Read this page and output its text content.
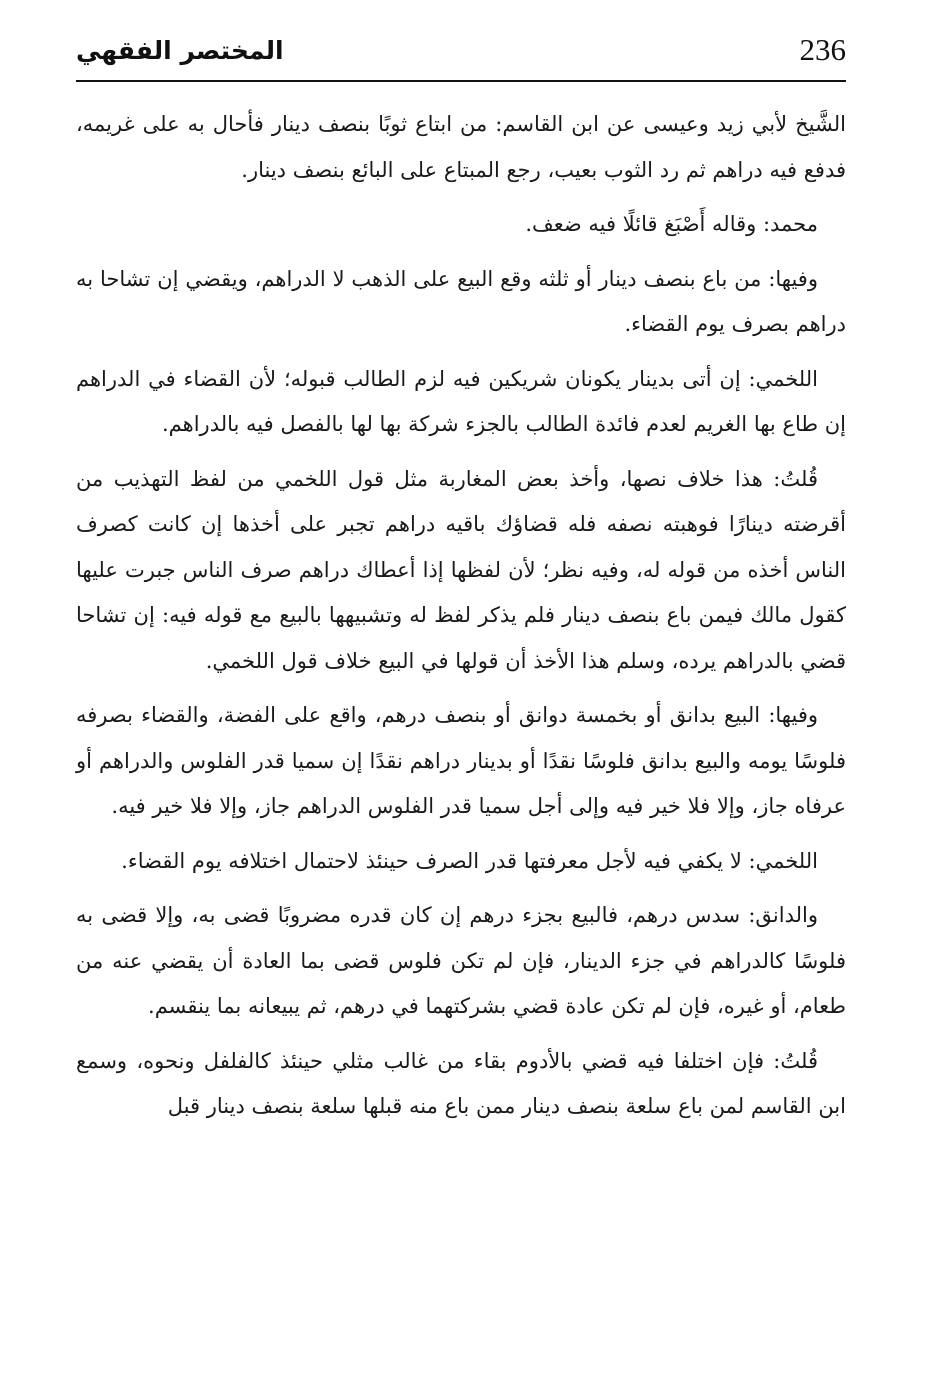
المختصر الفقهي	236

الشَّيخ لأبي زيد وعيسى عن ابن القاسم: من ابتاع ثوبًا بنصف دينار فأحال به على غريمه، فدفع فيه دراهم ثم رد الثوب بعيب، رجع المبتاع على البائع بنصف دينار.

محمد: وقاله أَصْبَغ قائلًا فيه ضعف.

وفيها: من باع بنصف دينار أو ثلثه وقع البيع على الذهب لا الدراهم، ويقضي إن تشاحا به دراهم بصرف يوم القضاء.

اللخمي: إن أتى بدينار يكونان شريكين فيه لزم الطالب قبوله؛ لأن القضاء في الدراهم إن طاع بها الغريم لعدم فائدة الطالب بالجزء شركة بها لها بالفصل فيه بالدراهم.

قُلتُ: هذا خلاف نصها، وأخذ بعض المغاربة مثل قول اللخمي من لفظ التهذيب من أقرضته دينارًا فوهبته نصفه فله قضاؤك باقيه دراهم تجبر على أخذها إن كانت كصرف الناس أخذه من قوله له، وفيه نظر؛ لأن لفظها إذا أعطاك دراهم صرف الناس جبرت عليها كقول مالك فيمن باع بنصف دينار فلم يذكر لفظ له وتشبيهها بالبيع مع قوله فيه: إن تشاحا قضي بالدراهم يرده، وسلم هذا الأخذ أن قولها في البيع خلاف قول اللخمي.

وفيها: البيع بدانق أو بخمسة دوانق أو بنصف درهم، واقع على الفضة، والقضاء بصرفه فلوسًا يومه والبيع بدانق فلوسًا نقدًا أو بدينار دراهم نقدًا إن سميا قدر الفلوس والدراهم أو عرفاه جاز، وإلا فلا خير فيه وإلى أجل سميا قدر الفلوس الدراهم جاز، وإلا فلا خير فيه.

اللخمي: لا يكفي فيه لأجل معرفتها قدر الصرف حينئذ لاحتمال اختلافه يوم القضاء.

والدانق: سدس درهم، فالبيع بجزء درهم إن كان قدره مضروبًا قضى به، وإلا قضى به فلوسًا كالدراهم في جزء الدينار، فإن لم تكن فلوس قضى بما العادة أن يقضي عنه من طعام، أو غيره، فإن لم تكن عادة قضي بشركتهما في درهم، ثم يبيعانه بما ينقسم.

قُلتُ: فإن اختلفا فيه قضي بالأدوم بقاء من غالب مثلي حينئذ كالفلفل ونحوه، وسمع ابن القاسم لمن باع سلعة بنصف دينار ممن باع منه قبلها سلعة بنصف دينار قبل
